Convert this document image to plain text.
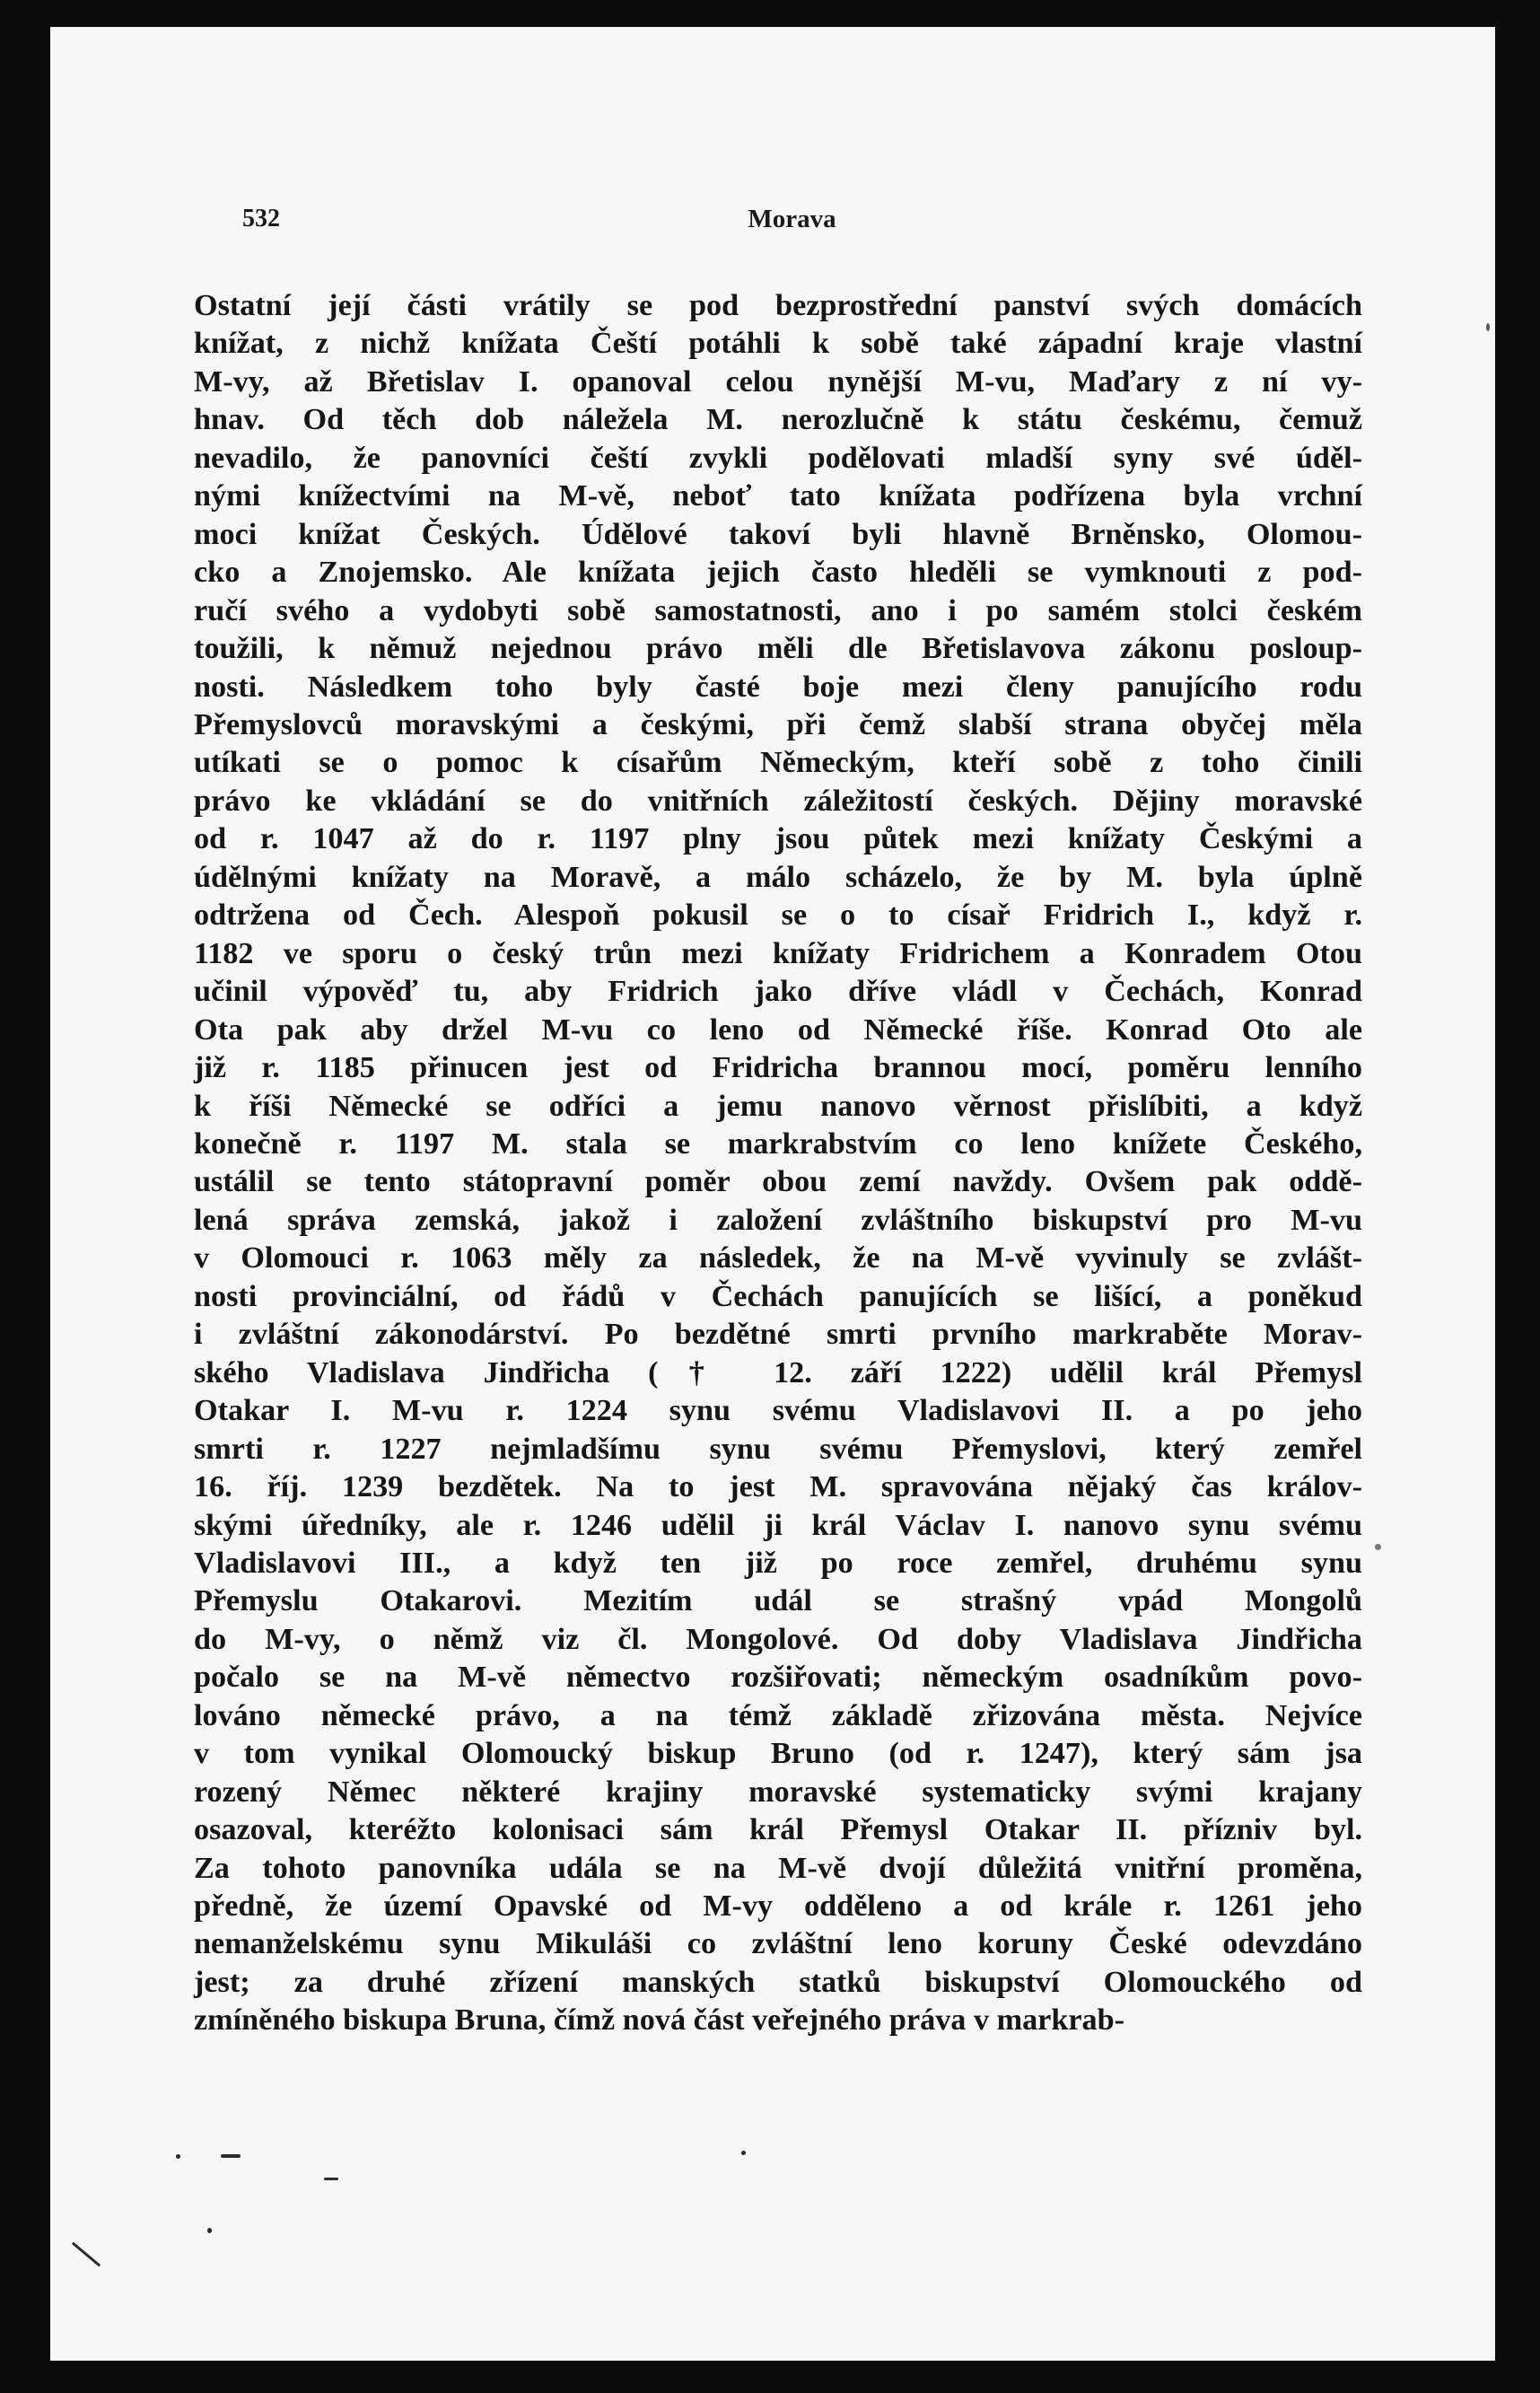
532	Morava
Ostatní její části vrátily se pod bezprostřední panství svých domácích
knížat, z nichž knížata Čeští potáhli k sobě také západní kraje vlastní
M-vy, až Břetislav I. opanoval celou nynější M-vu, Maďary z ní vy-
hnav. Od těch dob náležela M. nerozlučně k státu českému, čemuž
nevadilo, že panovníci čeští zvykli podělovati mladší syny své úděl-
nými knížectvími na M-vě, neboť tato knížata podřízena byla vrchní
moci knížat Českých. Údělové takoví byli hlavně Brněnsko, Olomou-
cko a Znojemsko. Ale knížata jejich často hleděli se vymknouti z pod-
ručí svého a vydobyti sobě samostatnosti, ano i po samém stolci českém
toužili, k němuž nejednou právo měli dle Břetislavova zákonu posloup-
nosti. Následkem toho byly časté boje mezi členy panujícího rodu
Přemyslovců moravskými a českými, při čemž slabší strana obyčej měla
utíkati se o pomoc k císařům Německým, kteří sobě z toho činili
právo ke vkládání se do vnitřních záležitostí českých. Dějiny moravské
od r. 1047 až do r. 1197 plny jsou půtek mezi knížaty Českými a
údělnými knížaty na Moravě, a málo scházelo, že by M. byla úplně
odtržena od Čech. Alespoň pokusil se o to císař Fridrich I., když r.
1182 ve sporu o český trůn mezi knížaty Fridrichem a Konradem Otou
učinil výpověď tu, aby Fridrich jako dříve vládl v Čechách, Konrad
Ota pak aby držel M-vu co leno od Německé říše. Konrad Oto ale
již r. 1185 přinucen jest od Fridricha brannou mocí, poměru lenního
k říši Německé se odříci a jemu nanovo věrnost přislíbiti, a když
konečně r. 1197 M. stala se markrabstvím co leno knížete Českého,
ustálil se tento státopravní poměr obou zemí navždy. Ovšem pak oddě-
lená správa zemská, jakož i založení zvláštního biskupství pro M-vu
v Olomouci r. 1063 měly za následek, že na M-vě vyvinuly se zvlášt-
nosti provinciální, od řádů v Čechách panujících se lišící, a poněkud
i zvláštní zákonodárství. Po bezdětné smrti prvního markraběte Morav-
ského Vladislava Jindřicha († 12. září 1222) udělil král Přemysl
Otakar I. M-vu r. 1224 synu svému Vladislavovi II. a po jeho
smrti r. 1227 nejmladšímu synu svému Přemyslovi, který zemřel
16. říj. 1239 bezdětek. Na to jest M. spravována nějaký čas králov-
skými úředníky, ale r. 1246 udělil ji král Václav I. nanovo synu svému
Vladislavovi III., a když ten již po roce zemřel, druhému synu
Přemyslu Otakarovi. Mezitím udál se strašný vpád Mongolů
do M-vy, o němž viz čl. Mongolové. Od doby Vladislava Jindřicha
počalo se na M-vě němectvo rozšiřovati; německým osadníkům povo-
lováno německé právo, a na témž základě zřizována města. Nejvíce
v tom vynikal Olomoucký biskup Bruno (od r. 1247), který sám jsa
rozený Němec některé krajiny moravské systematicky svými krajany
osazoval, kteréžto kolonisaci sám král Přemysl Otakar II. přízniv byl.
Za tohoto panovníka udála se na M-vě dvojí důležitá vnitřní proměna,
předně, že území Opavské od M-vy odděleno a od krále r. 1261 jeho
nemanželskému synu Mikuláši co zvláštní leno koruny České odevzdáno
jest; za druhé zřízení manských statků biskupství Olomouckého od
zmíněného biskupa Bruna, čímž nová část veřejného práva v markrab-
